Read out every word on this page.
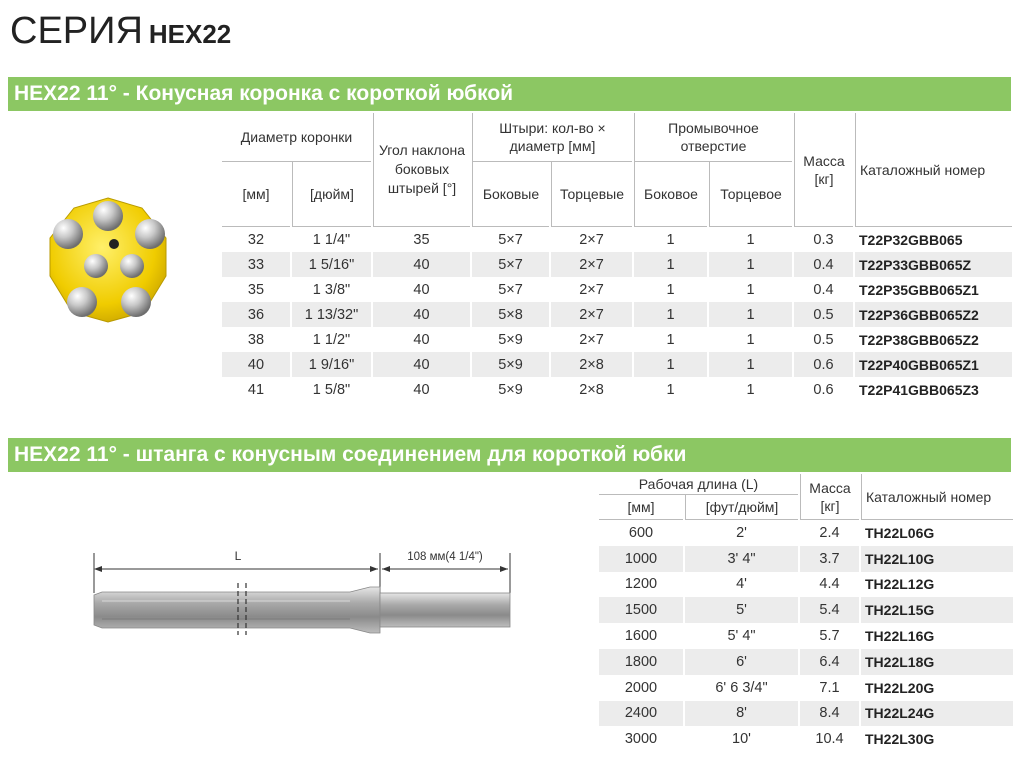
СЕРИЯ HEX22
HEX22 11° - Конусная коронка с короткой юбкой
Диаметр коронки		Угол наклона боковых штырей [°]	Штыри: кол-во × диаметр [мм]		Промывочное отверстие		Масса [кг]	Каталожный номер
[мм]	[дюйм]		Боковые	Торцевые	Боковое	Торцевое		
32	1 1/4"	35	5×7	2×7	1	1	0.3	T22P32GBB065
33	1 5/16"	40	5×7	2×7	1	1	0.4	T22P33GBB065Z
35	1 3/8"	40	5×7	2×7	1	1	0.4	T22P35GBB065Z1
36	1 13/32"	40	5×8	2×7	1	1	0.5	T22P36GBB065Z2
38	1 1/2"	40	5×9	2×7	1	1	0.5	T22P38GBB065Z2
40	1 9/16"	40	5×9	2×8	1	1	0.6	T22P40GBB065Z1
41	1 5/8"	40	5×9	2×8	1	1	0.6	T22P41GBB065Z3
HEX22 11° - штанга с конусным соединением для короткой юбки
L	108 мм(4 1/4")
Рабочая длина (L)		Масса [кг]	Каталожный номер
[мм]	[фут/дюйм]		
600	2'	2.4	TH22L06G
1000	3' 4"	3.7	TH22L10G
1200	4'	4.4	TH22L12G
1500	5'	5.4	TH22L15G
1600	5' 4"	5.7	TH22L16G
1800	6'	6.4	TH22L18G
2000	6' 6 3/4"	7.1	TH22L20G
2400	8'	8.4	TH22L24G
3000	10'	10.4	TH22L30G
